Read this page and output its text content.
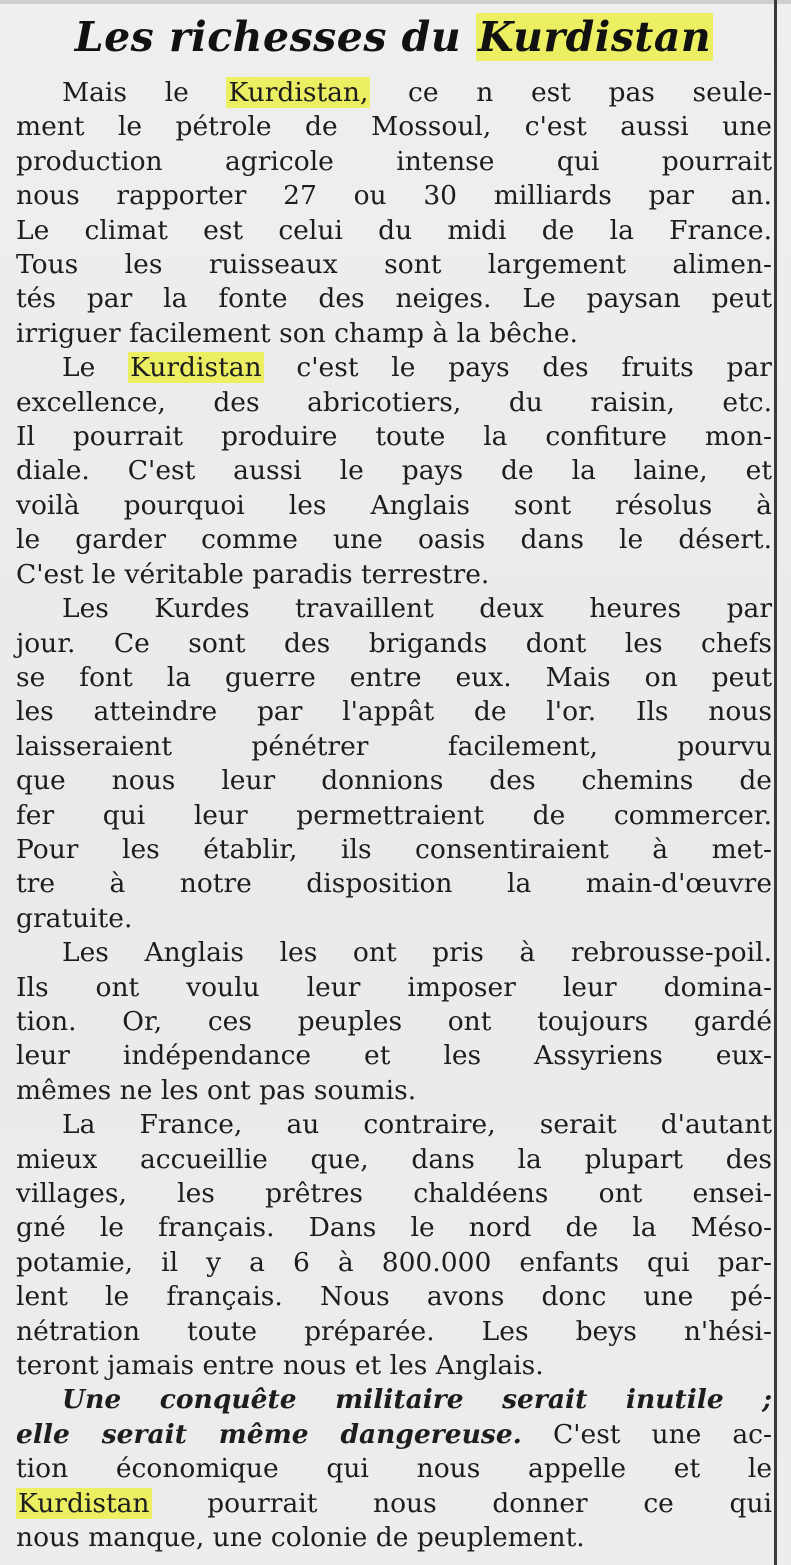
Les richesses du Kurdistan
Mais le Kurdistan, ce n est pas seule-
ment le pétrole de Mossoul, c'est aussi une
production agricole intense qui pourrait
nous rapporter 27 ou 30 milliards par an.
Le climat est celui du midi de la France.
Tous les ruisseaux sont largement alimen-
tés par la fonte des neiges. Le paysan peut
irriguer facilement son champ à la bêche.
Le Kurdistan c'est le pays des fruits par
excellence, des abricotiers, du raisin, etc.
Il pourrait produire toute la confiture mon-
diale. C'est aussi le pays de la laine, et
voilà pourquoi les Anglais sont résolus à
le garder comme une oasis dans le désert.
C'est le véritable paradis terrestre.
Les Kurdes travaillent deux heures par
jour. Ce sont des brigands dont les chefs
se font la guerre entre eux. Mais on peut
les atteindre par l'appât de l'or. Ils nous
laisseraient pénétrer facilement, pourvu
que nous leur donnions des chemins de
fer qui leur permettraient de commercer.
Pour les établir, ils consentiraient à met-
tre à notre disposition la main-d'œuvre
gratuite.
Les Anglais les ont pris à rebrousse-poil.
Ils ont voulu leur imposer leur domina-
tion. Or, ces peuples ont toujours gardé
leur indépendance et les Assyriens eux-
mêmes ne les ont pas soumis.
La France, au contraire, serait d'autant
mieux accueillie que, dans la plupart des
villages, les prêtres chaldéens ont ensei-
gné le français. Dans le nord de la Méso-
potamie, il y a 6 à 800.000 enfants qui par-
lent le français. Nous avons donc une pé-
nétration toute préparée. Les beys n'hési-
teront jamais entre nous et les Anglais.
Une conquête militaire serait inutile ;
elle serait même dangereuse. C'est une ac-
tion économique qui nous appelle et le
Kurdistan pourrait nous donner ce qui
nous manque, une colonie de peuplement.
